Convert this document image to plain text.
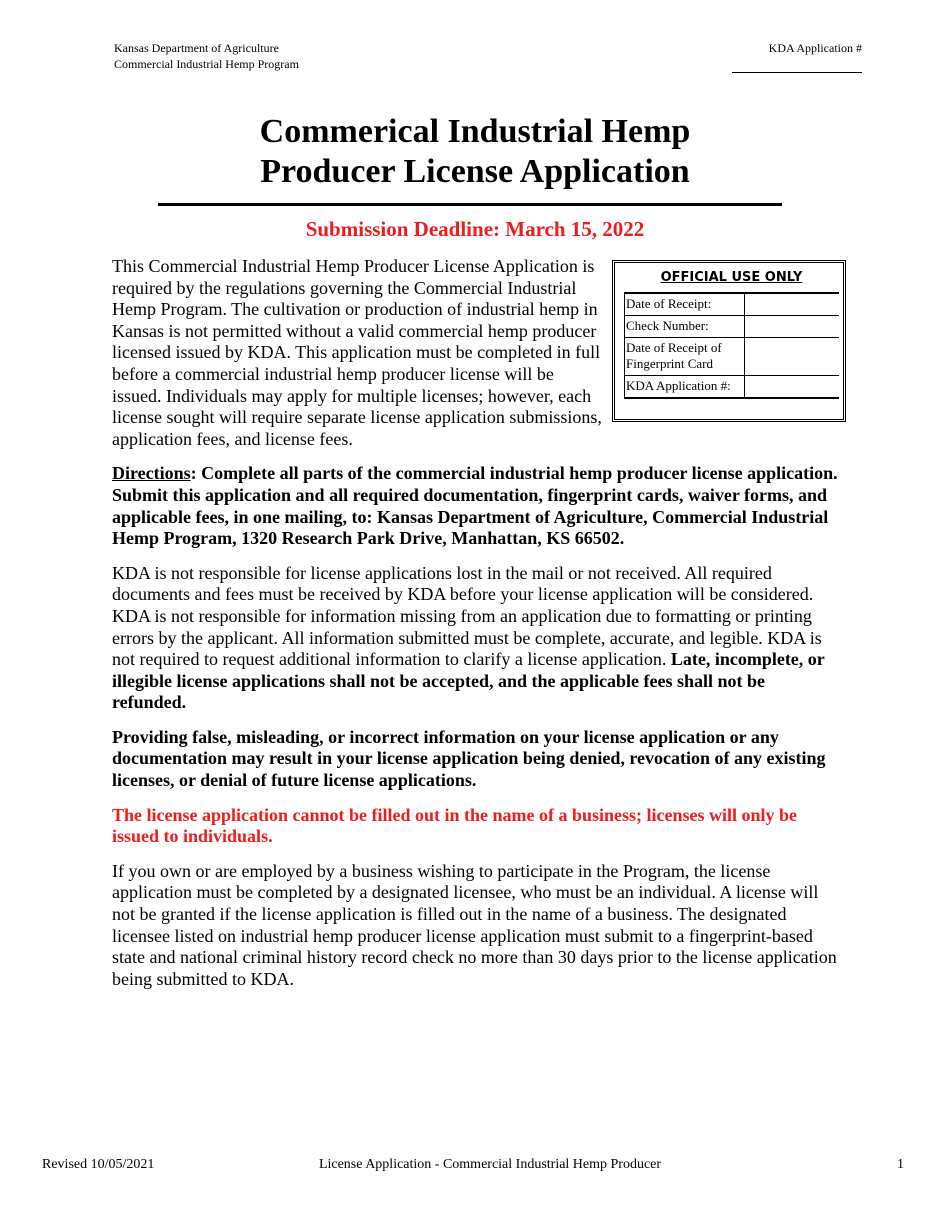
Kansas Department of Agriculture
Commercial Industrial Hemp Program
KDA Application #
Commerical Industrial Hemp
Producer License Application
Submission Deadline: March 15, 2022
OFFICIAL USE ONLY
Date of Receipt:	
Check Number:	
Date of Receipt of Fingerprint Card	
KDA Application #:	

This Commercial Industrial Hemp Producer License Application is required by the regulations governing the Commercial Industrial Hemp Program. The cultivation or production of industrial hemp in Kansas is not permitted without a valid commercial hemp producer licensed issued by KDA. This application must be completed in full before a commercial industrial hemp producer license will be issued. Individuals may apply for multiple licenses; however, each license sought will require separate license application submissions, application fees, and license fees.

Directions: Complete all parts of the commercial industrial hemp producer license application. Submit this application and all required documentation, fingerprint cards, waiver forms, and applicable fees, in one mailing, to: Kansas Department of Agriculture, Commercial Industrial Hemp Program, 1320 Research Park Drive, Manhattan, KS 66502.

KDA is not responsible for license applications lost in the mail or not received. All required documents and fees must be received by KDA before your license application will be considered. KDA is not responsible for information missing from an application due to formatting or printing errors by the applicant. All information submitted must be complete, accurate, and legible. KDA is not required to request additional information to clarify a license application. Late, incomplete, or illegible license applications shall not be accepted, and the applicable fees shall not be refunded.

Providing false, misleading, or incorrect information on your license application or any documentation may result in your license application being denied, revocation of any existing licenses, or denial of future license applications.

The license application cannot be filled out in the name of a business; licenses will only be issued to individuals.

If you own or are employed by a business wishing to participate in the Program, the license application must be completed by a designated licensee, who must be an individual. A license will not be granted if the license application is filled out in the name of a business. The designated licensee listed on industrial hemp producer license application must submit to a fingerprint-based state and national criminal history record check no more than 30 days prior to the license application being submitted to KDA.

Revised 10/05/2021	License Application - Commercial Industrial Hemp Producer	1
